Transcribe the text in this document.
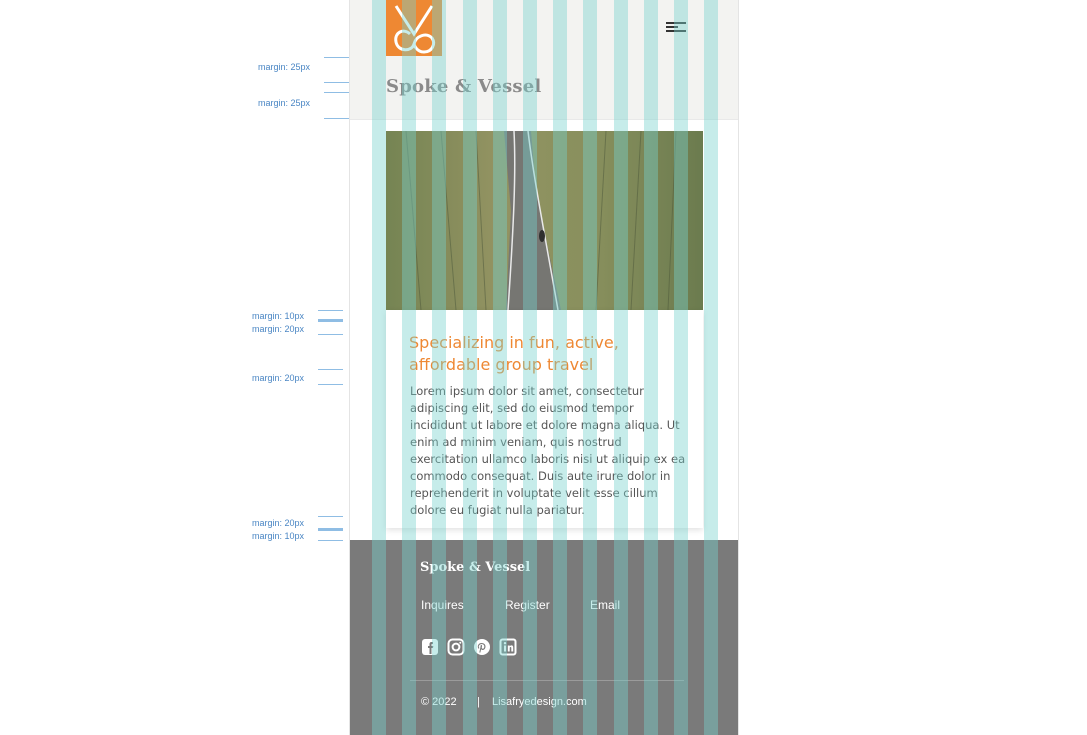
margin: 25px
margin: 25px
margin: 10px
margin: 20px
margin: 20px
margin: 20px
margin: 10px
Spoke & Vessel
Specializing in fun, active, affordable group travel
Lorem ipsum dolor sit amet, consectetur adipiscing elit, sed do eiusmod tempor incididunt ut labore et dolore magna aliqua. Ut enim ad minim veniam, quis nostrud exercitation ullamco laboris nisi ut aliquip ex ea commodo consequat. Duis aute irure dolor in reprehenderit in voluptate velit esse cillum dolore eu fugiat nulla pariatur.
Spoke & Vessel
Inquires	Register	Email
© 2022 | Lisafryedesign.com
